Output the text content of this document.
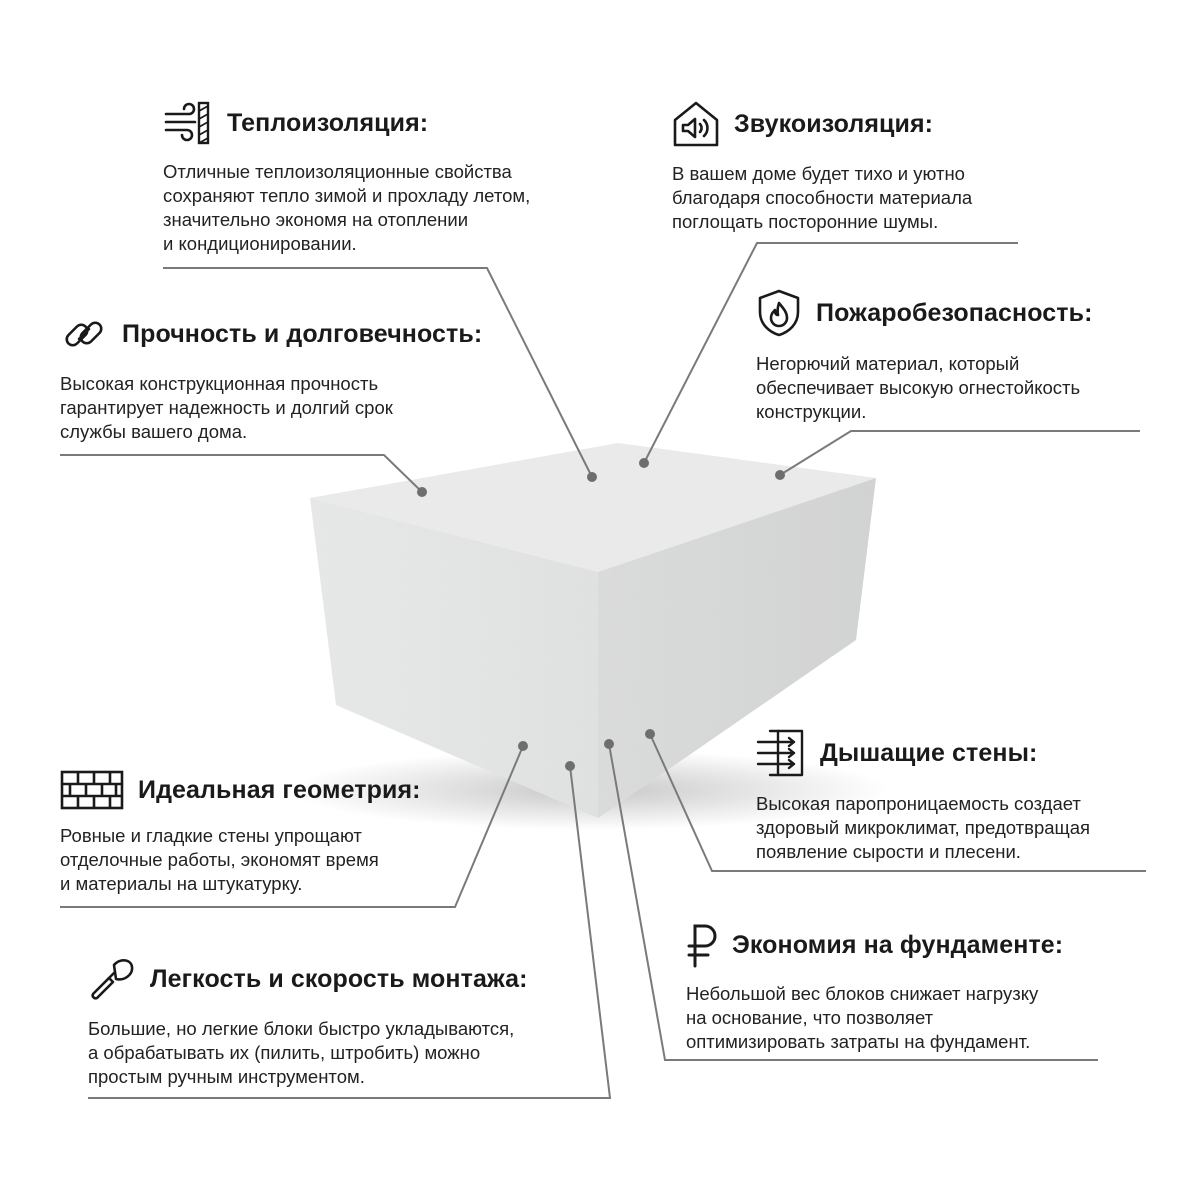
Теплоизоляция:
Отличные теплоизоляционные свойства
сохраняют тепло зимой и прохладу летом,
значительно экономя на отоплении
и кондиционировании.
Звукоизоляция:
В вашем доме будет тихо и уютно
благодаря способности материала
поглощать посторонние шумы.
Пожаробезопасность:
Негорючий материал, который
обеспечивает высокую огнестойкость
конструкции.
Прочность и долговечность:
Высокая конструкционная прочность
гарантирует надежность и долгий срок
службы вашего дома.
Идеальная геометрия:
Ровные и гладкие стены упрощают
отделочные работы, экономят время
и материалы на штукатурку.
Дышащие стены:
Высокая паропроницаемость создает
здоровый микроклимат, предотвращая
появление сырости и плесени.
Экономия на фундаменте:
Небольшой вес блоков снижает нагрузку
на основание, что позволяет
оптимизировать затраты на фундамент.
Легкость и скорость монтажа:
Большие, но легкие блоки быстро укладываются,
а обрабатывать их (пилить, штробить) можно
простым ручным инструментом.
